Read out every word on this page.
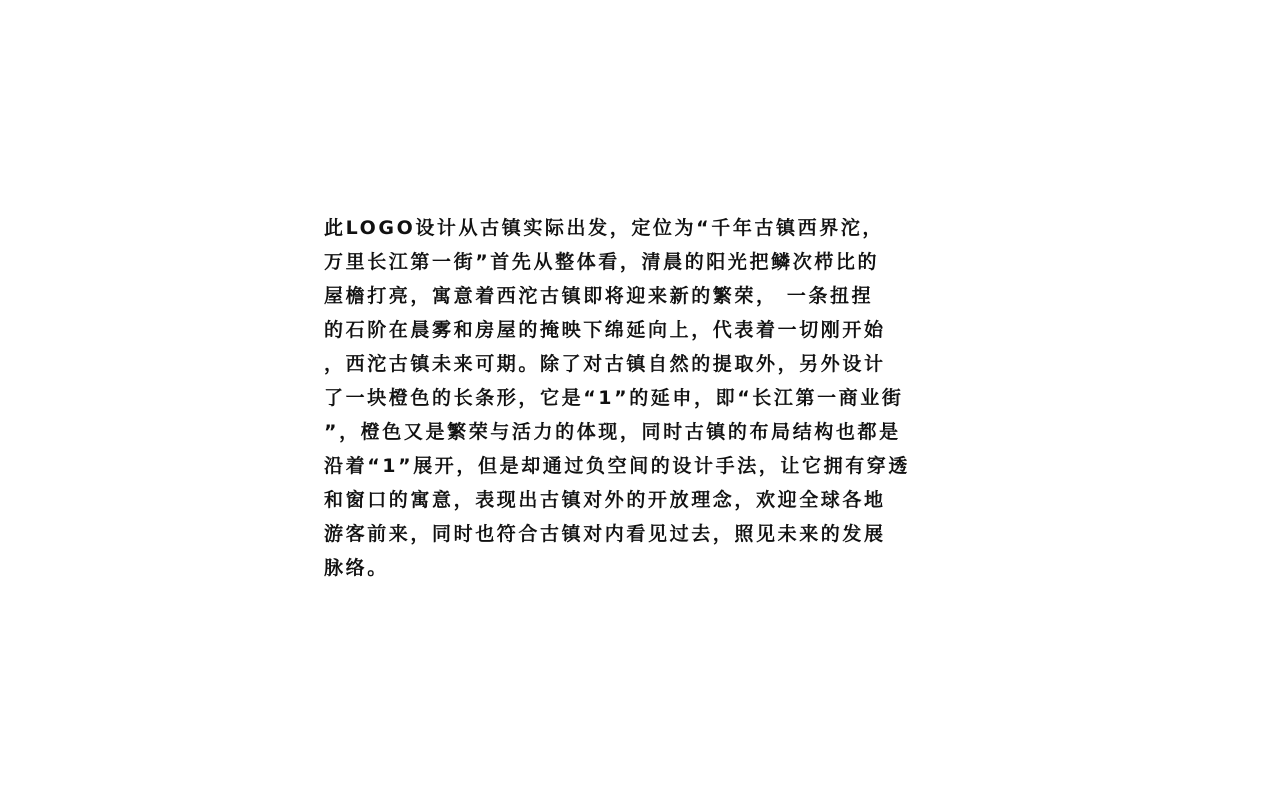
此LOGO设计从古镇实际出发，定位为“千年古镇西界沱，
万里长江第一街”首先从整体看，清晨的阳光把鳞次栉比的
屋檐打亮，寓意着西沱古镇即将迎来新的繁荣， 一条扭捏
的石阶在晨雾和房屋的掩映下绵延向上，代表着一切刚开始
，西沱古镇未来可期。除了对古镇自然的提取外，另外设计
了一块橙色的长条形，它是“1”的延申，即“长江第一商业街
”，橙色又是繁荣与活力的体现，同时古镇的布局结构也都是
沿着“1”展开，但是却通过负空间的设计手法，让它拥有穿透
和窗口的寓意，表现出古镇对外的开放理念，欢迎全球各地
游客前来，同时也符合古镇对内看见过去，照见未来的发展
脉络。
